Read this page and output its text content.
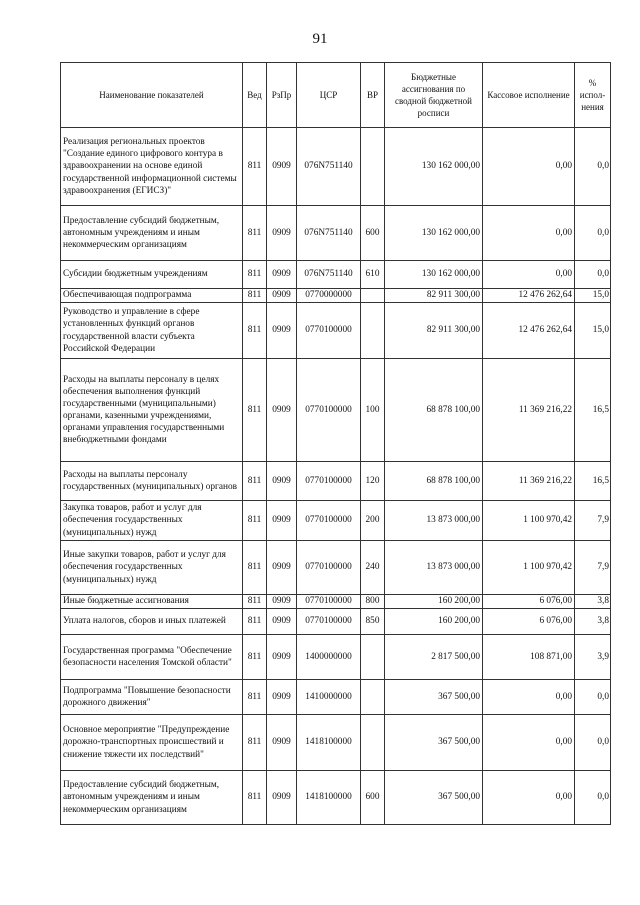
91
Наименование показателей	Вед	РзПр	ЦСР	ВР	Бюджетные ассигнования по сводной бюджетной росписи	Кассовое исполнение	% испол-нения
Реализация региональных проектов "Создание единого цифрового контура в здравоохранении на основе единой государственной информационной системы здравоохранения (ЕГИСЗ)"	811	0909	076N751140		130 162 000,00	0,00	0,0
Предоставление субсидий бюджетным, автономным учреждениям и иным некоммерческим организациям	811	0909	076N751140	600	130 162 000,00	0,00	0,0
Субсидии бюджетным учреждениям	811	0909	076N751140	610	130 162 000,00	0,00	0,0
Обеспечивающая подпрограмма	811	0909	0770000000		82 911 300,00	12 476 262,64	15,0
Руководство и управление в сфере установленных функций органов государственной власти субъекта Российской Федерации	811	0909	0770100000		82 911 300,00	12 476 262,64	15,0
Расходы на выплаты персоналу в целях обеспечения выполнения функций государственными (муниципальными) органами, казенными учреждениями, органами управления государственными внебюджетными фондами	811	0909	0770100000	100	68 878 100,00	11 369 216,22	16,5
Расходы на выплаты персоналу государственных (муниципальных) органов	811	0909	0770100000	120	68 878 100,00	11 369 216,22	16,5
Закупка товаров, работ и услуг для обеспечения государственных (муниципальных) нужд	811	0909	0770100000	200	13 873 000,00	1 100 970,42	7,9
Иные закупки товаров, работ и услуг для обеспечения государственных (муниципальных) нужд	811	0909	0770100000	240	13 873 000,00	1 100 970,42	7,9
Иные бюджетные ассигнования	811	0909	0770100000	800	160 200,00	6 076,00	3,8
Уплата налогов, сборов и иных платежей	811	0909	0770100000	850	160 200,00	6 076,00	3,8
Государственная программа "Обеспечение безопасности населения Томской области"	811	0909	1400000000		2 817 500,00	108 871,00	3,9
Подпрограмма "Повышение безопасности дорожного движения"	811	0909	1410000000		367 500,00	0,00	0,0
Основное мероприятие "Предупреждение дорожно-транспортных происшествий и снижение тяжести их последствий"	811	0909	1418100000		367 500,00	0,00	0,0
Предоставление субсидий бюджетным, автономным учреждениям и иным некоммерческим организациям	811	0909	1418100000	600	367 500,00	0,00	0,0
